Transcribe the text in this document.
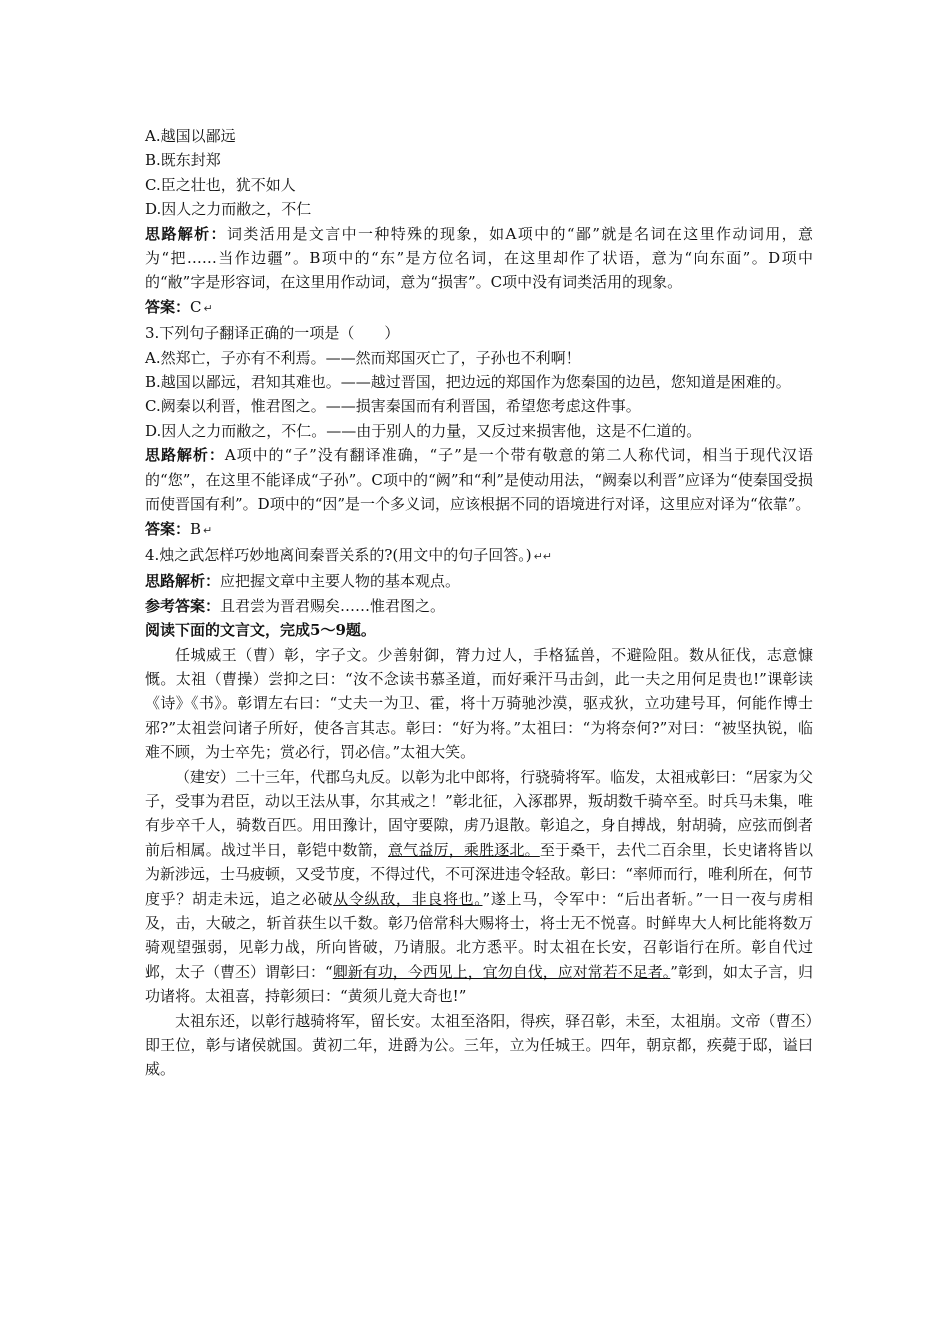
A.越国以鄙远

B.既东封郑

C.臣之壮也，犹不如人

D.因人之力而敝之，不仁

思路解析：词类活用是文言中一种特殊的现象，如A项中的“鄙”就是名词在这里作动词用，意为“把……当作边疆”。B项中的“东”是方位名词，在这里却作了状语，意为“向东面”。D项中的“敝”字是形容词，在这里用作动词，意为“损害”。C项中没有词类活用的现象。

答案：C ↵

3.下列句子翻译正确的一项是（　　）

A.然郑亡，子亦有不利焉。——然而郑国灭亡了，子孙也不利啊！

B.越国以鄙远，君知其难也。——越过晋国，把边远的郑国作为您秦国的边邑，您知道是困难的。

C.阙秦以利晋，惟君图之。——损害秦国而有利晋国，希望您考虑这件事。

D.因人之力而敝之，不仁。——由于别人的力量，又反过来损害他，这是不仁道的。

思路解析：A项中的“子”没有翻译准确，“子”是一个带有敬意的第二人称代词，相当于现代汉语的“您”，在这里不能译成“子孙”。C项中的“阙”和“利”是使动用法，“阙秦以利晋”应译为“使秦国受损而使晋国有利”。D项中的“因”是一个多义词，应该根据不同的语境进行对译，这里应对译为“依靠”。

答案：B ↵

4.烛之武怎样巧妙地离间秦晋关系的?(用文中的句子回答。) ↵↵

思路解析：应把握文章中主要人物的基本观点。

参考答案：且君尝为晋君赐矣……惟君图之。

阅读下面的文言文，完成5～9题。

任城威王（曹）彰，字子文。少善射御，膂力过人，手格猛兽，不避险阻。数从征伐，志意慷慨。太祖（曹操）尝抑之曰：“汝不念读书慕圣道，而好乘汗马击剑，此一夫之用何足贵也!”课彰读《诗》《书》。彰谓左右曰：“丈夫一为卫、霍，将十万骑驰沙漠，驱戎狄，立功建号耳，何能作博士邪?”太祖尝问诸子所好，使各言其志。彰曰：“好为将。”太祖曰：“为将奈何?”对曰：“被坚执锐，临难不顾，为士卒先；赏必行，罚必信。”太祖大笑。

（建安）二十三年，代郡乌丸反。以彰为北中郎将，行骁骑将军。临发，太祖戒彰曰：“居家为父子，受事为君臣，动以王法从事，尔其戒之！”彰北征，入涿郡界，叛胡数千骑卒至。时兵马未集，唯有步卒千人，骑数百匹。用田豫计，固守要隙，虏乃退散。彰追之，身自搏战，射胡骑，应弦而倒者前后相属。战过半日，彰铠中数箭，意气益厉，乘胜逐北。至于桑干，去代二百余里，长史诸将皆以为新涉远，士马疲顿，又受节度，不得过代，不可深进违令轻敌。彰曰：“率师而行，唯利所在，何节度乎？胡走未远，追之必破从令纵敌，非良将也。”遂上马，令军中：“后出者斩。”一日一夜与虏相及，击，大破之，斩首获生以千数。彰乃倍常科大赐将士，将士无不悦喜。时鲜卑大人柯比能将数万骑观望强弱，见彰力战，所向皆破，乃请服。北方悉平。时太祖在长安，召彰诣行在所。彰自代过邺，太子（曹丕）谓彰曰：“卿新有功，今西见上，宜勿自伐，应对常若不足者。”彰到，如太子言，归功诸将。太祖喜，持彰须曰：“黄须儿竟大奇也!”

太祖东还，以彰行越骑将军，留长安。太祖至洛阳，得疾，驿召彰，未至，太祖崩。文帝（曹丕）即王位，彰与诸侯就国。黄初二年，进爵为公。三年，立为任城王。四年，朝京都，疾薨于邸，谥曰威。
